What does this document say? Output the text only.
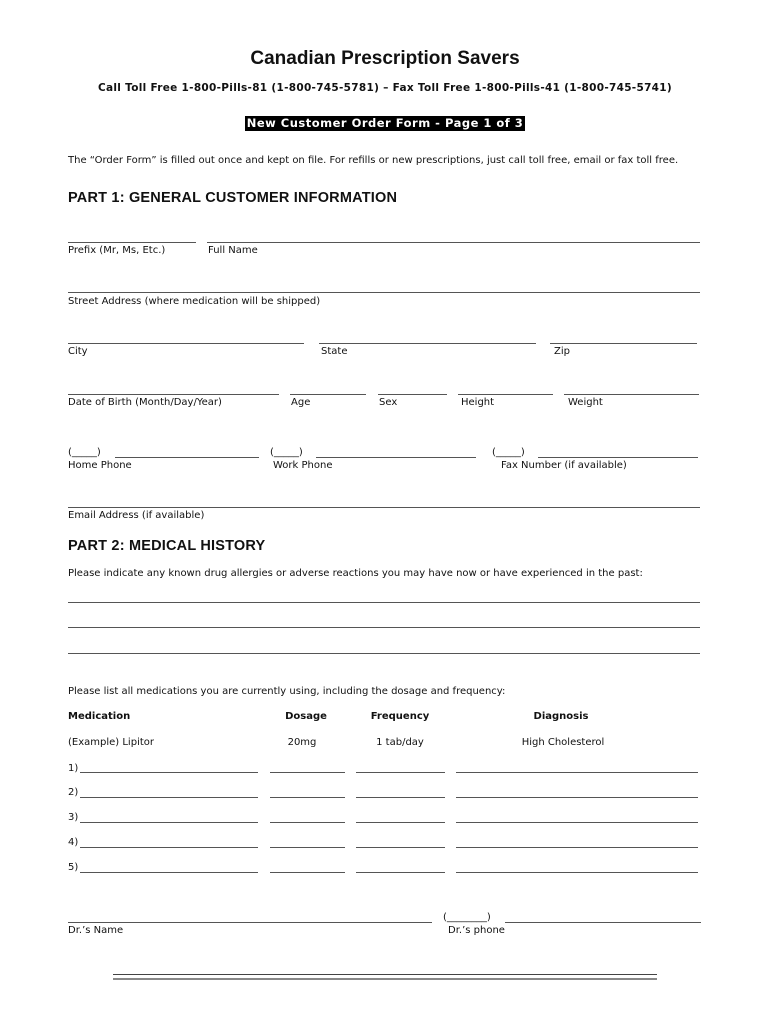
Canadian Prescription Savers
Call Toll Free 1-800-Pills-81 (1-800-745-5781) – Fax Toll Free 1-800-Pills-41 (1-800-745-5741)
New Customer Order Form - Page 1 of 3
The “Order Form” is filled out once and kept on file. For refills or new prescriptions, just call toll free, email or fax toll free.
PART 1: GENERAL CUSTOMER INFORMATION
Prefix (Mr, Ms, Etc.)	Full Name
Street Address (where medication will be shipped)
City	State	Zip
Date of Birth (Month/Day/Year)	Age	Sex	Height	Weight
(_____)	(_____)	(_____)
Home Phone	Work Phone	Fax Number (if available)
Email Address (if available)
PART 2: MEDICAL HISTORY
Please indicate any known drug allergies or adverse reactions you may have now or have experienced in the past:
Please list all medications you are currently using, including the dosage and frequency:
Medication	Dosage	Frequency	Diagnosis
(Example) Lipitor	20mg	1 tab/day	High Cholesterol
1)
2)
3)
4)
5)
(________)
Dr.’s Name	Dr.’s phone
